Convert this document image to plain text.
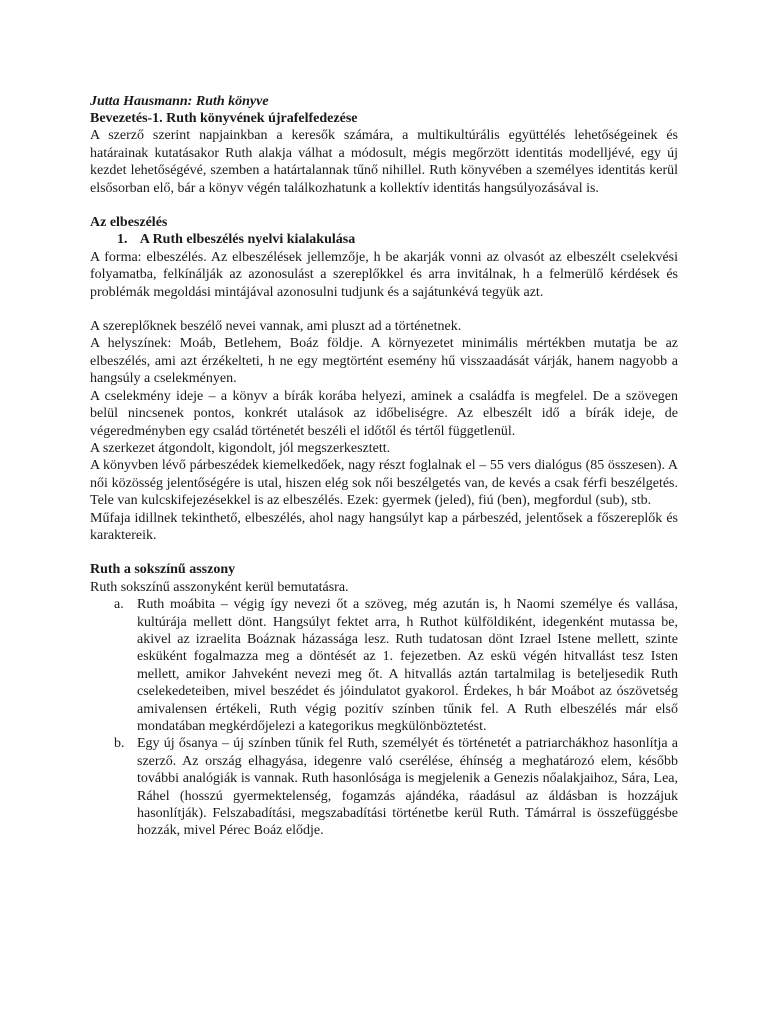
Jutta Hausmann: Ruth könyve

Bevezetés-1. Ruth könyvének újrafelfedezése

A szerző szerint napjainkban a keresők számára, a multikultúrális együttélés lehetőségeinek és határainak kutatásakor Ruth alakja válhat a módosult, mégis megőrzött identitás modelljévé, egy új kezdet lehetőségévé, szemben a határtalannak tűnő nihillel. Ruth könyvében a személyes identitás kerül elsősorban elő, bár a könyv végén találkozhatunk a kollektív identitás hangsúlyozásával is.

Az elbeszélés

1. A Ruth elbeszélés nyelvi kialakulása

A forma: elbeszélés. Az elbeszélések jellemzője, h be akarják vonni az olvasót az elbeszélt cselekvési folyamatba, felkínálják az azonosulást a szereplőkkel és arra invitálnak, h a felmerülő kérdések és problémák megoldási mintájával azonosulni tudjunk és a sajátunkévá tegyük azt.

A szereplőknek beszélő nevei vannak, ami pluszt ad a történetnek.

A helyszínek: Moáb, Betlehem, Boáz földje. A környezetet minimális mértékben mutatja be az elbeszélés, ami azt érzékelteti, h ne egy megtörtént esemény hű visszaadását várják, hanem nagyobb a hangsúly a cselekményen.

A cselekmény ideje – a könyv a bírák korába helyezi, aminek a családfa is megfelel. De a szövegen belül nincsenek pontos, konkrét utalások az időbeliségre. Az elbeszélt idő a bírák ideje, de végeredményben egy család történetét beszéli el időtől és tértől függetlenül.

A szerkezet átgondolt, kigondolt, jól megszerkesztett.

A könyvben lévő párbeszédek kiemelkedőek, nagy részt foglalnak el – 55 vers dialógus (85 összesen). A női közösség jelentőségére is utal, hiszen elég sok női beszélgetés van, de kevés a csak férfi beszélgetés. Tele van kulcskifejezésekkel is az elbeszélés. Ezek: gyermek (jeled), fiú (ben), megfordul (sub), stb.

Műfaja idillnek tekinthető, elbeszélés, ahol nagy hangsúlyt kap a párbeszéd, jelentősek a főszereplők és karaktereik.

Ruth a sokszínű asszony

Ruth sokszínű asszonyként kerül bemutatásra.

a. Ruth moábita – végig így nevezi őt a szöveg, még azután is, h Naomi személye és vallása, kultúrája mellett dönt. Hangsúlyt fektet arra, h Ruthot külföldiként, idegenként mutassa be, akivel az izraelita Boáznak házassága lesz. Ruth tudatosan dönt Izrael Istene mellett, szinte esküként fogalmazza meg a döntését az 1. fejezetben. Az eskü végén hitvallást tesz Isten mellett, amikor Jahveként nevezi meg őt. A hitvallás aztán tartalmilag is beteljesedik Ruth cselekedeteiben, mivel beszédet és jóindulatot gyakorol. Érdekes, h bár Moábot az ószövetség amivalensen értékeli, Ruth végig pozitív színben tűnik fel. A Ruth elbeszélés már első mondatában megkérdőjelezi a kategorikus megkülönböztetést.
b. Egy új ősanya – új színben tűnik fel Ruth, személyét és történetét a patriarchákhoz hasonlítja a szerző. Az ország elhagyása, idegenre való cserélése, éhínség a meghatározó elem, később további analógiák is vannak. Ruth hasonlósága is megjelenik a Genezis nőalakjaihoz, Sára, Lea, Ráhel (hosszú gyermektelenség, fogamzás ajándéka, ráadásul az áldásban is hozzájuk hasonlítják). Felszabadítási, megszabadítási történetbe kerül Ruth. Támárral is összefüggésbe hozzák, mivel Pérec Boáz elődje.
